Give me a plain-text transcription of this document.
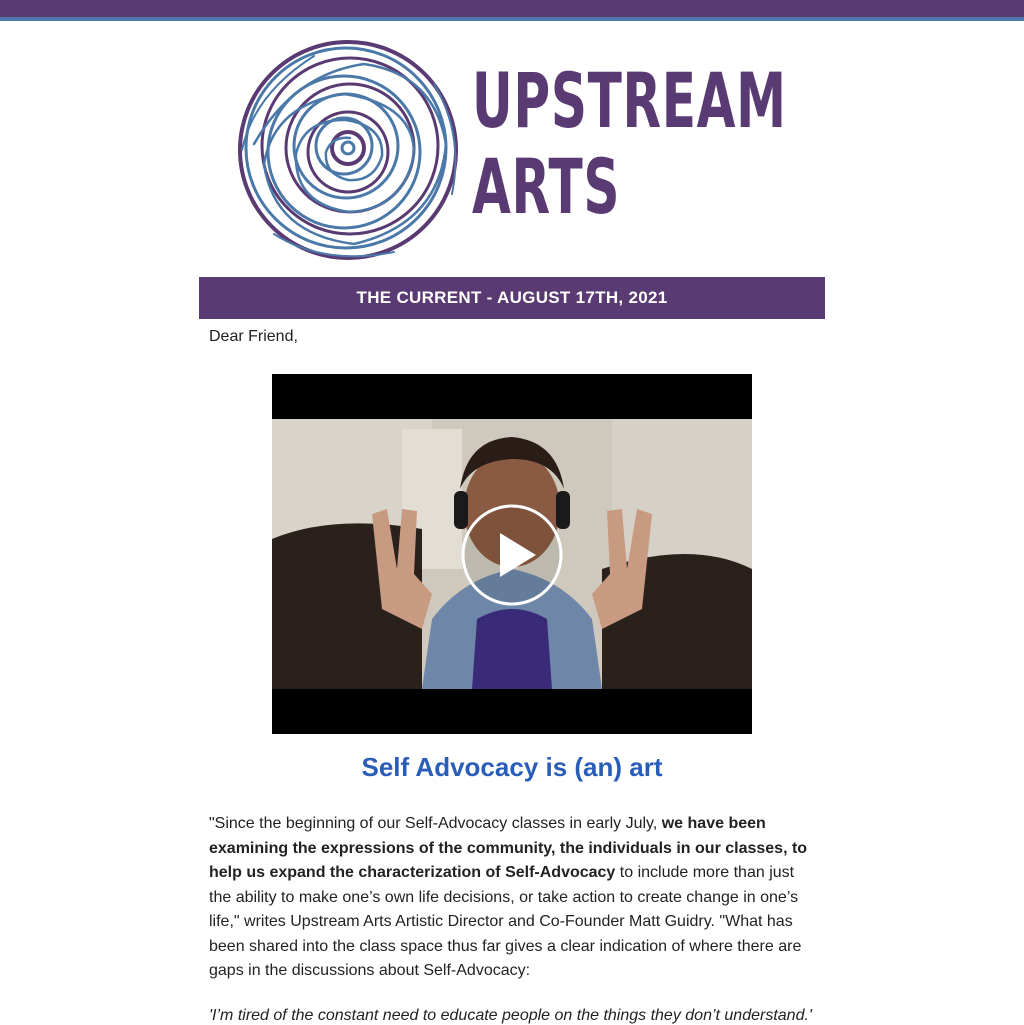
UPSTREAM
ARTS
THE CURRENT - AUGUST 17TH, 2021
Dear Friend,
Self Advocacy is (an) art

"Since the beginning of our Self-Advocacy classes in early July, we have been examining the expressions of the community, the individuals in our classes, to help us expand the characterization of Self-Advocacy to include more than just the ability to make one’s own life decisions, or take action to create change in one’s life," writes Upstream Arts Artistic Director and Co-Founder Matt Guidry. "What has been shared into the class space thus far gives a clear indication of where there are gaps in the discussions about Self-Advocacy:

'I’m tired of the constant need to educate people on the things they don’t understand.'
